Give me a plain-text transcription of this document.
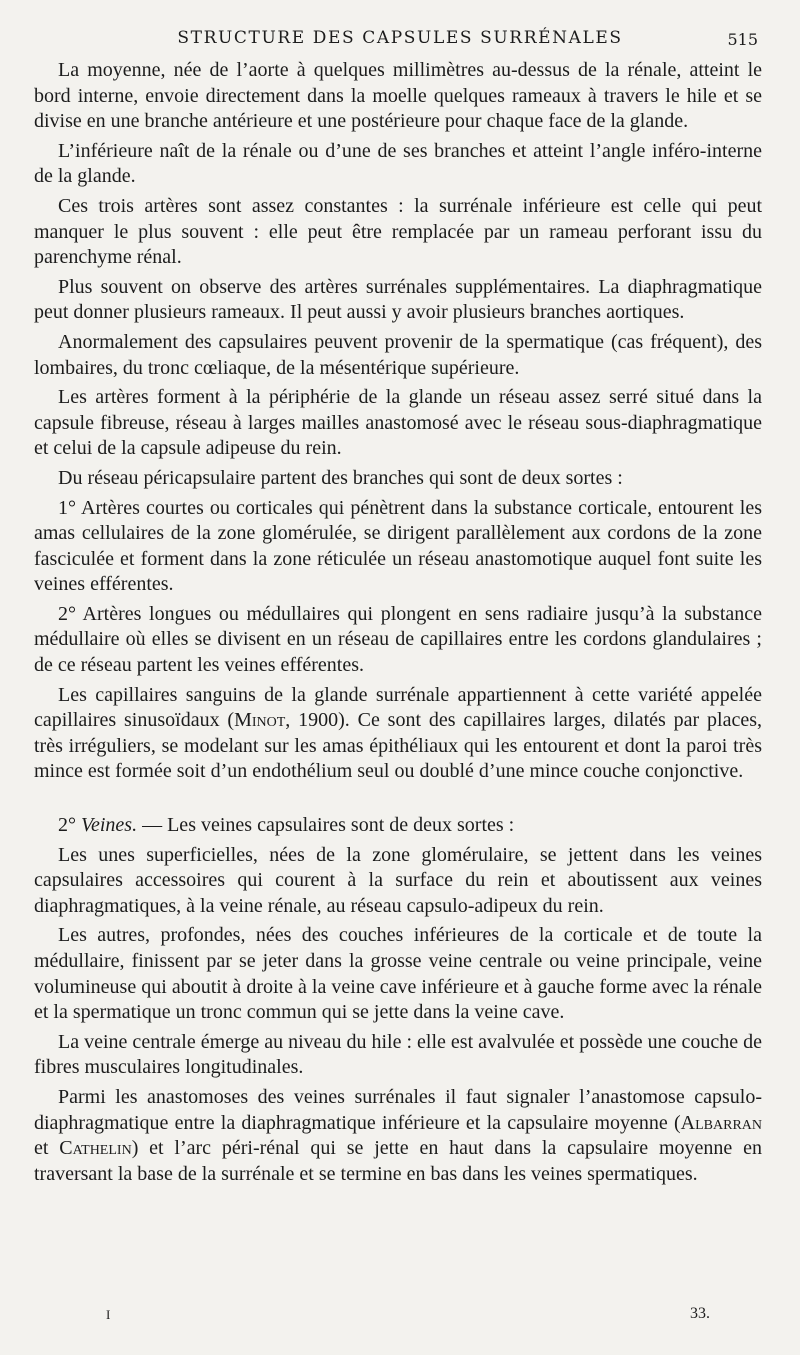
STRUCTURE DES CAPSULES SURRÉNALES	515

La moyenne, née de l’aorte à quelques millimètres au-dessus de la rénale, atteint le bord interne, envoie directement dans la moelle quelques rameaux à travers le hile et se divise en une branche antérieure et une postérieure pour chaque face de la glande.

L’inférieure naît de la rénale ou d’une de ses branches et atteint l’angle inféro-interne de la glande.

Ces trois artères sont assez constantes : la surrénale inférieure est celle qui peut manquer le plus souvent : elle peut être remplacée par un rameau perforant issu du parenchyme rénal.

Plus souvent on observe des artères surrénales supplémentaires. La diaphragmatique peut donner plusieurs rameaux. Il peut aussi y avoir plusieurs branches aortiques.

Anormalement des capsulaires peuvent provenir de la spermatique (cas fréquent), des lombaires, du tronc cœliaque, de la mésentérique supérieure.

Les artères forment à la périphérie de la glande un réseau assez serré situé dans la capsule fibreuse, réseau à larges mailles anastomosé avec le réseau sous-diaphragmatique et celui de la capsule adipeuse du rein.

Du réseau péricapsulaire partent des branches qui sont de deux sortes :

1° Artères courtes ou corticales qui pénètrent dans la substance corticale, entourent les amas cellulaires de la zone glomérulée, se dirigent parallèlement aux cordons de la zone fasciculée et forment dans la zone réticulée un réseau anastomotique auquel font suite les veines efférentes.

2° Artères longues ou médullaires qui plongent en sens radiaire jusqu’à la substance médullaire où elles se divisent en un réseau de capillaires entre les cordons glandulaires ; de ce réseau partent les veines efférentes.

Les capillaires sanguins de la glande surrénale appartiennent à cette variété appelée capillaires sinusoïdaux (Minot, 1900). Ce sont des capillaires larges, dilatés par places, très irréguliers, se modelant sur les amas épithéliaux qui les entourent et dont la paroi très mince est formée soit d’un endothélium seul ou doublé d’une mince couche conjonctive.

2° Veines. — Les veines capsulaires sont de deux sortes :

Les unes superficielles, nées de la zone glomérulaire, se jettent dans les veines capsulaires accessoires qui courent à la surface du rein et aboutissent aux veines diaphragmatiques, à la veine rénale, au réseau capsulo-adipeux du rein.

Les autres, profondes, nées des couches inférieures de la corticale et de toute la médullaire, finissent par se jeter dans la grosse veine centrale ou veine principale, veine volumineuse qui aboutit à droite à la veine cave inférieure et à gauche forme avec la rénale et la spermatique un tronc commun qui se jette dans la veine cave.

La veine centrale émerge au niveau du hile : elle est avalvulée et possède une couche de fibres musculaires longitudinales.

Parmi les anastomoses des veines surrénales il faut signaler l’anastomose capsulo-diaphragmatique entre la diaphragmatique inférieure et la capsulaire moyenne (Albarran et Cathelin) et l’arc péri-rénal qui se jette en haut dans la capsulaire moyenne en traversant la base de la surrénale et se termine en bas dans les veines spermatiques.

I	33.
